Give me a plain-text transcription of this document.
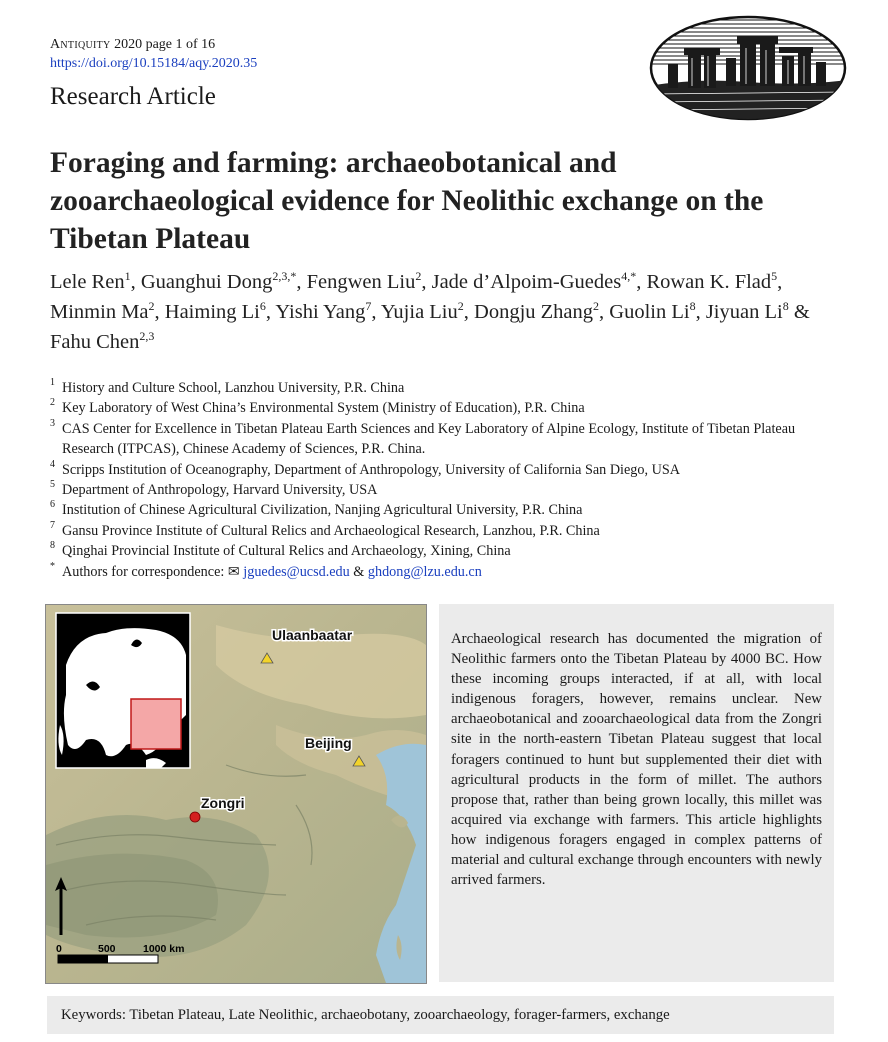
Antiquity 2020 page 1 of 16
https://doi.org/10.15184/aqy.2020.35
Research Article
Foraging and farming: archaeobotanical and zooarchaeological evidence for Neolithic exchange on the Tibetan Plateau
Lele Ren$^1$, Guanghui Dong$^{2,3,*}$, Fengwen Liu$^2$, Jade d’Alpoim-Guedes$^{4,*}$, Rowan K. Flad$^5$, Minmin Ma$^2$, Haiming Li$^6$, Yishi Yang$^7$, Yujia Liu$^2$, Dongju Zhang$^2$, Guolin Li$^8$, Jiyuan Li$^8$ & Fahu Chen$^{2,3}$
1 History and Culture School, Lanzhou University, P.R. China
2 Key Laboratory of West China’s Environmental System (Ministry of Education), P.R. China
3 CAS Center for Excellence in Tibetan Plateau Earth Sciences and Key Laboratory of Alpine Ecology, Institute of Tibetan Plateau Research (ITPCAS), Chinese Academy of Sciences, P.R. China.
4 Scripps Institution of Oceanography, Department of Anthropology, University of California San Diego, USA
5 Department of Anthropology, Harvard University, USA
6 Institution of Chinese Agricultural Civilization, Nanjing Agricultural University, P.R. China
7 Gansu Province Institute of Cultural Relics and Archaeological Research, Lanzhou, P.R. China
8 Qinghai Provincial Institute of Cultural Relics and Archaeology, Xining, China
* Authors for correspondence: ✉ jguedes@ucsd.edu & ghdong@lzu.edu.cn
Ulaanbaatar
Beijing
Zongri
0	500	1000 km
Archaeological research has documented the migration of Neolithic farmers onto the Tibetan Plateau by 4000 BC. How these incoming groups interacted, if at all, with local indigenous foragers, however, remains unclear. New archaeobotanical and zooarchaeological data from the Zongri site in the north-eastern Tibetan Plateau suggest that local foragers continued to hunt but supplemented their diet with agricultural products in the form of millet. The authors propose that, rather than being grown locally, this millet was acquired via exchange with farmers. This article highlights how indigenous foragers engaged in complex patterns of material and cultural exchange through encounters with newly arrived farmers.
Keywords: Tibetan Plateau, Late Neolithic, archaeobotany, zooarchaeology, forager-farmers, exchange
